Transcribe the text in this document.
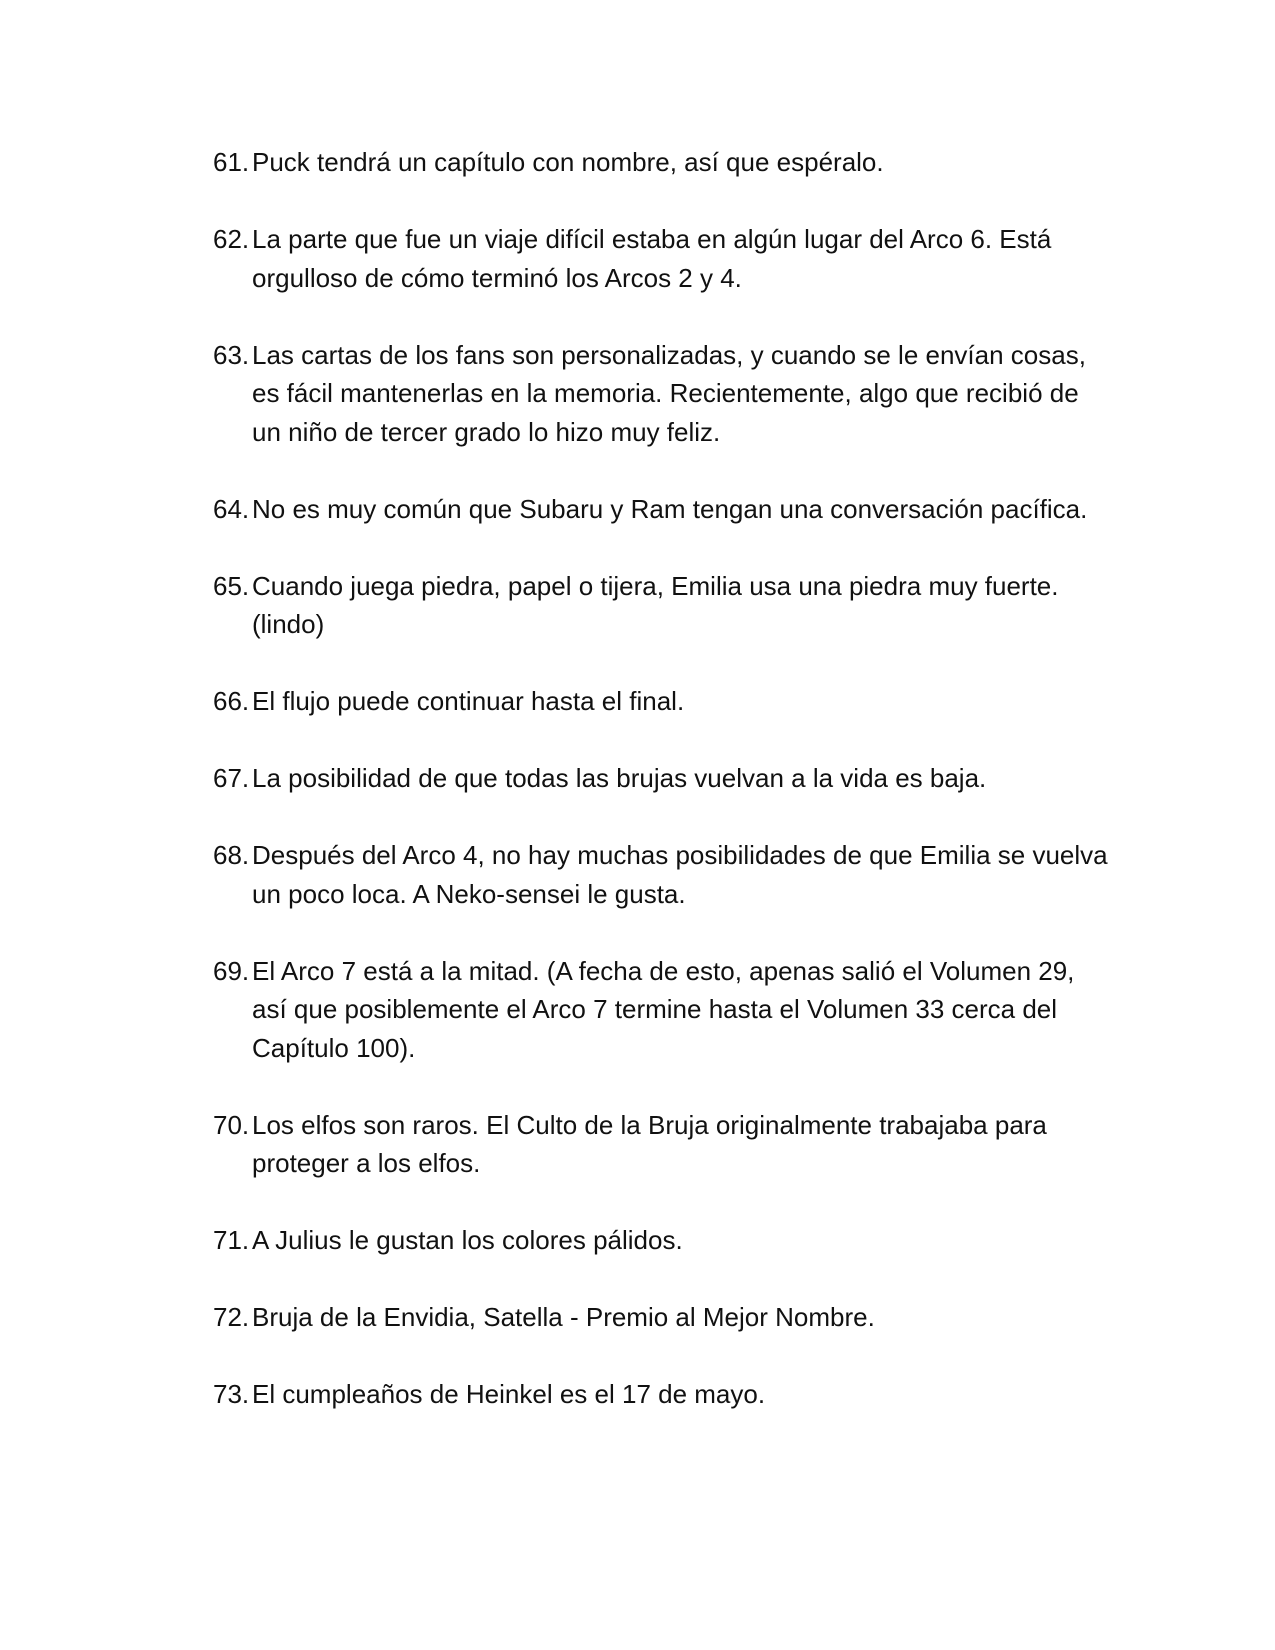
61. Puck tendrá un capítulo con nombre, así que espéralo.
62. La parte que fue un viaje difícil estaba en algún lugar del Arco 6. Está orgulloso de cómo terminó los Arcos 2 y 4.
63. Las cartas de los fans son personalizadas, y cuando se le envían cosas, es fácil mantenerlas en la memoria. Recientemente, algo que recibió de un niño de tercer grado lo hizo muy feliz.
64. No es muy común que Subaru y Ram tengan una conversación pacífica.
65. Cuando juega piedra, papel o tijera, Emilia usa una piedra muy fuerte. (lindo)
66. El flujo puede continuar hasta el final.
67. La posibilidad de que todas las brujas vuelvan a la vida es baja.
68. Después del Arco 4, no hay muchas posibilidades de que Emilia se vuelva un poco loca. A Neko-sensei le gusta.
69. El Arco 7 está a la mitad. (A fecha de esto, apenas salió el Volumen 29, así que posiblemente el Arco 7 termine hasta el Volumen 33 cerca del Capítulo 100).
70. Los elfos son raros. El Culto de la Bruja originalmente trabajaba para proteger a los elfos.
71. A Julius le gustan los colores pálidos.
72. Bruja de la Envidia, Satella - Premio al Mejor Nombre.
73. El cumpleaños de Heinkel es el 17 de mayo.
